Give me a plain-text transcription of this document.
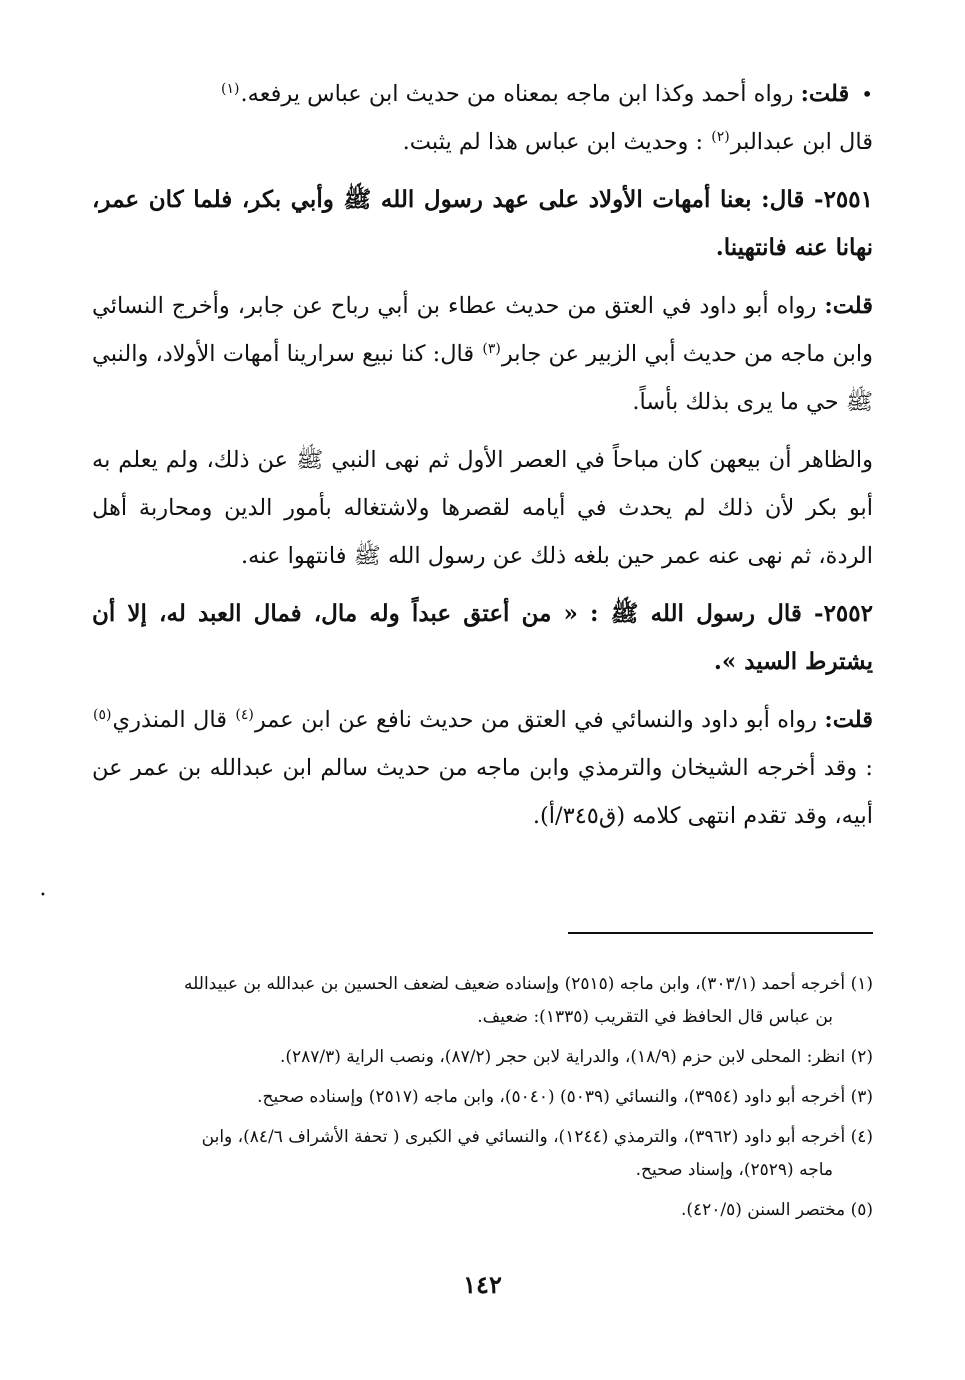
•قلت: رواه أحمد وكذا ابن ماجه بمعناه من حديث ابن عباس يرفعه.$^{(١)}$

قال ابن عبدالبر$^{(٢)}$ : وحديث ابن عباس هذا لم يثبت.

٢٥٥١- قال: بعنا أمهات الأولاد على عهد رسول الله ﷺ وأبي بكر، فلما كان عمر، نهانا عنه فانتهينا.

قلت: رواه أبو داود في العتق من حديث عطاء بن أبي رباح عن جابر، وأخرج النسائي وابن ماجه من حديث أبي الزبير عن جابر$^{(٣)}$ قال: كنا نبيع سرارينا أمهات الأولاد، والنبي ﷺ حي ما يرى بذلك بأساً.

والظاهر أن بيعهن كان مباحاً في العصر الأول ثم نهى النبي ﷺ عن ذلك، ولم يعلم به أبو بكر لأن ذلك لم يحدث في أيامه لقصرها ولاشتغاله بأمور الدين ومحاربة أهل الردة، ثم نهى عنه عمر حين بلغه ذلك عن رسول الله ﷺ فانتهوا عنه.

٢٥٥٢- قال رسول الله ﷺ : « من أعتق عبداً وله مال، فمال العبد له، إلا أن يشترط السيد ».

قلت: رواه أبو داود والنسائي في العتق من حديث نافع عن ابن عمر$^{(٤)}$ قال المنذري$^{(٥)}$ : وقد أخرجه الشيخان والترمذي وابن ماجه من حديث سالم ابن عبدالله بن عمر عن أبيه، وقد تقدم انتهى كلامه (ق٣٤٥/أ).

•
(١) أخرجه أحمد (٣٠٣/١)، وابن ماجه (٢٥١٥) وإسناده ضعيف لضعف الحسين بن عبدالله بن عبيدالله
بن عباس قال الحافظ في التقريب (١٣٣٥): ضعيف.
(٢) انظر: المحلى لابن حزم (١٨/٩)، والدراية لابن حجر (٨٧/٢)، ونصب الراية (٢٨٧/٣).
(٣) أخرجه أبو داود (٣٩٥٤)، والنسائي (٥٠٣٩) (٥٠٤٠)، وابن ماجه (٢٥١٧) وإسناده صحيح.
(٤) أخرجه أبو داود (٣٩٦٢)، والترمذي (١٢٤٤)، والنسائي في الكبرى ( تحفة الأشراف ٨٤/٦)، وابن
ماجه (٢٥٢٩)، وإسناد صحيح.
(٥) مختصر السنن (٤٢٠/٥).
١٤٢
